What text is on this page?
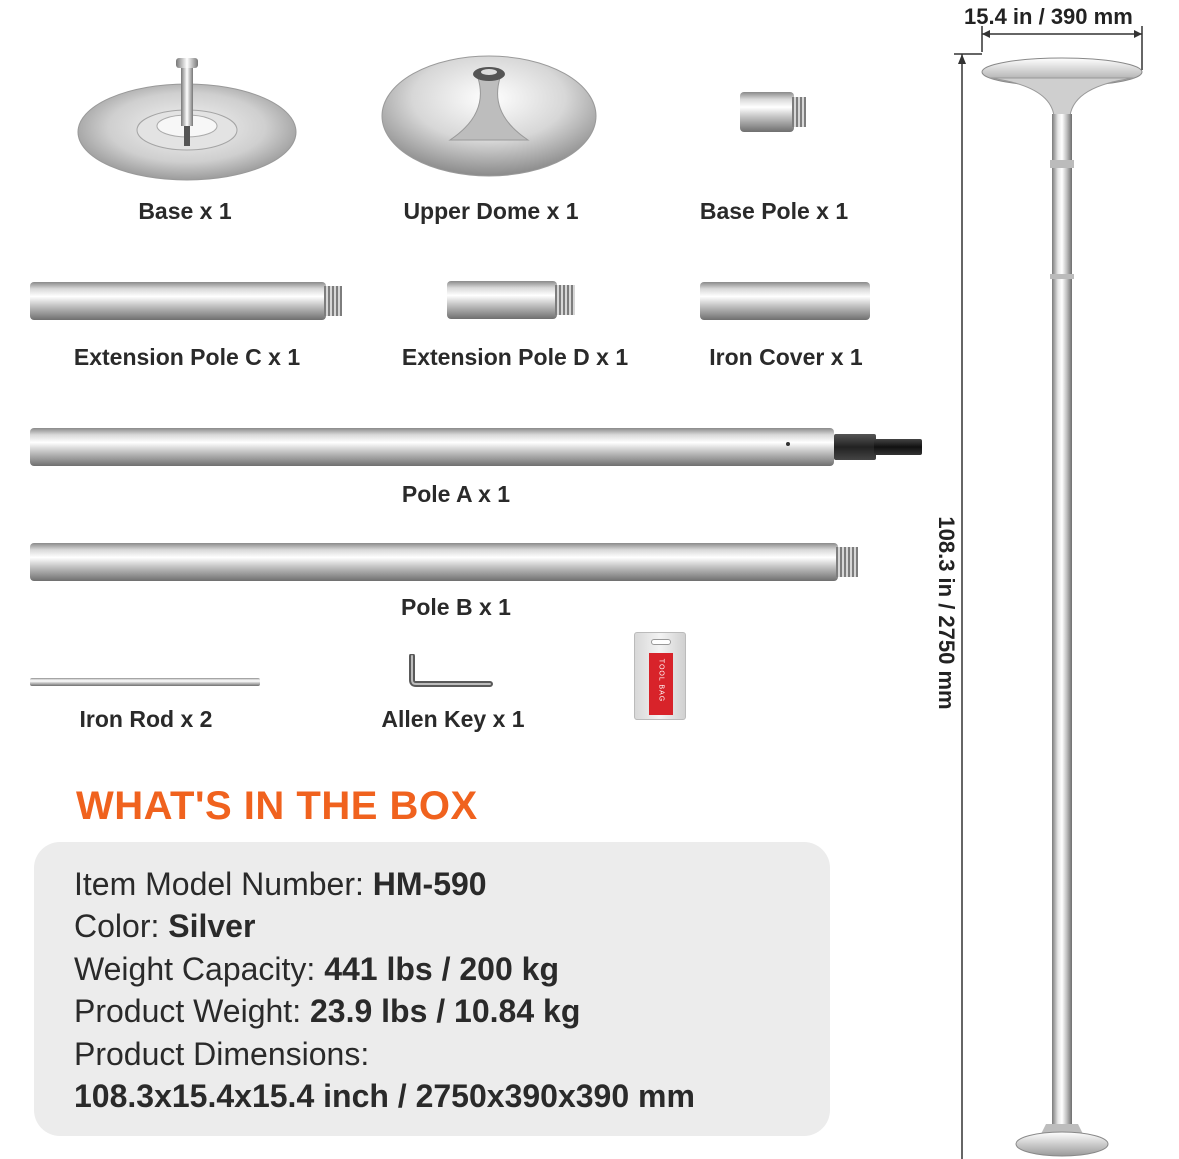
Base x 1	Upper Dome x 1	Base Pole x 1
Extension Pole C x 1	Extension Pole D x 1	Iron Cover x 1
Pole A x 1
Pole B x 1
Iron Rod x 2	Allen Key x 1
TOOL BAG
WHAT'S IN THE BOX
Item Model Number: HM-590
Color: Silver
Weight Capacity: 441 lbs / 200 kg
Product Weight: 23.9 lbs / 10.84 kg
Product Dimensions:
108.3x15.4x15.4 inch / 2750x390x390 mm
15.4 in / 390 mm
108.3 in / 2750 mm
